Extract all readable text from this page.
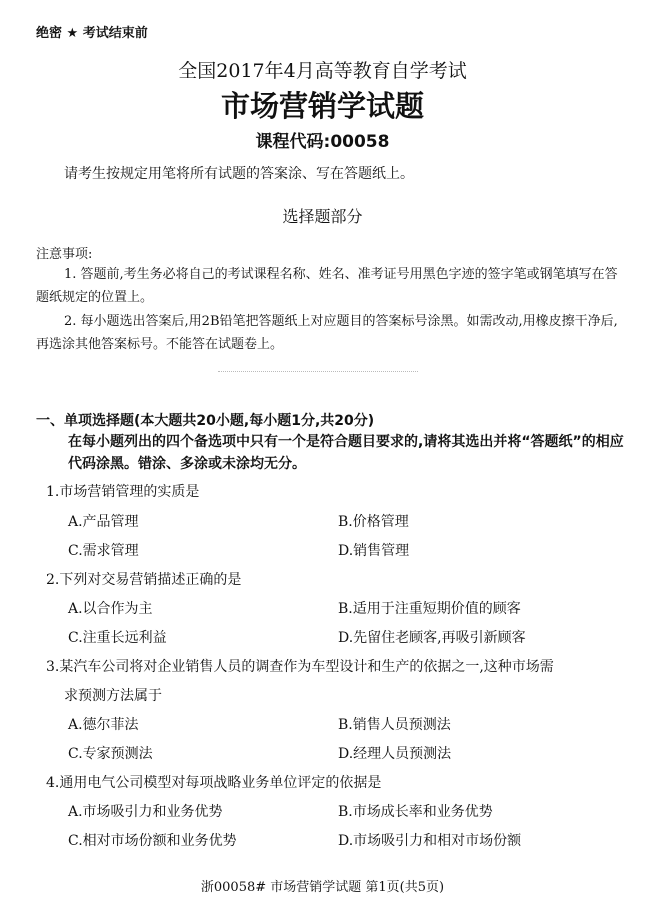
绝密 ★ 考试结束前
全国2017年4月高等教育自学考试
市场营销学试题
课程代码:00058
请考生按规定用笔将所有试题的答案涂、写在答题纸上。
选择题部分
注意事项:
1. 答题前,考生务必将自己的考试课程名称、姓名、准考证号用黑色字迹的签字笔或钢笔填写在答题纸规定的位置上。
2. 每小题选出答案后,用2B铅笔把答题纸上对应题目的答案标号涂黑。如需改动,用橡皮擦干净后,再选涂其他答案标号。不能答在试题卷上。
一、单项选择题(本大题共20小题,每小题1分,共20分)
在每小题列出的四个备选项中只有一个是符合题目要求的,请将其选出并将“答题纸”的相应代码涂黑。错涂、多涂或未涂均无分。
1.市场营销管理的实质是
A.产品管理	B.价格管理
C.需求管理	D.销售管理
2.下列对交易营销描述正确的是
A.以合作为主	B.适用于注重短期价值的顾客
C.注重长远利益	D.先留住老顾客,再吸引新顾客
3.某汽车公司将对企业销售人员的调查作为车型设计和生产的依据之一,这种市场需
求预测方法属于
A.德尔菲法	B.销售人员预测法
C.专家预测法	D.经理人员预测法
4.通用电气公司模型对每项战略业务单位评定的依据是
A.市场吸引力和业务优势	B.市场成长率和业务优势
C.相对市场份额和业务优势	D.市场吸引力和相对市场份额
浙00058# 市场营销学试题 第1页(共5页)
